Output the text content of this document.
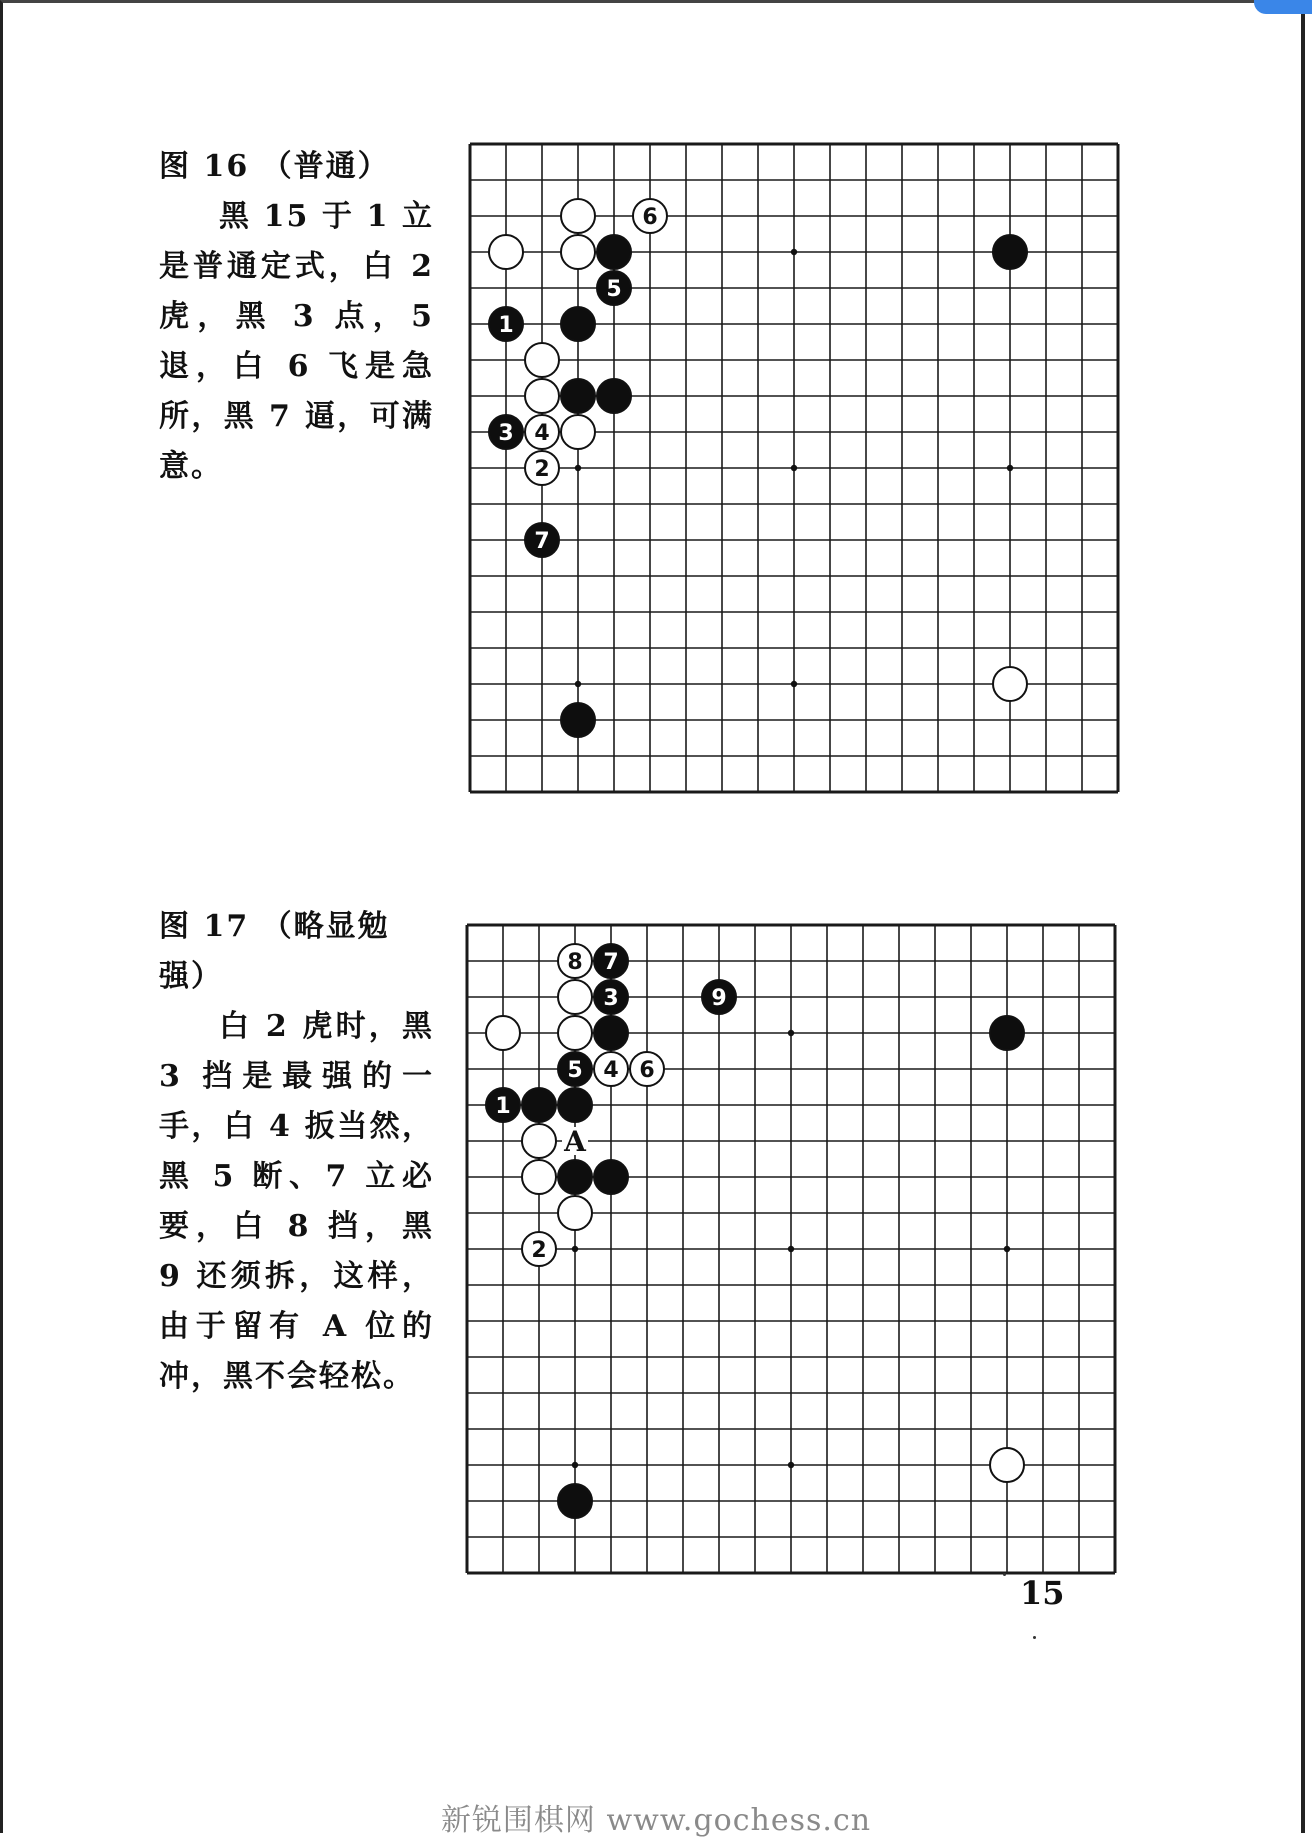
图 16 （普通）
黑 15 于 1 立是普通定式，白 2 虎，黑 3 点，5 退，白 6 飞是急所，黑 7 逼，可满意。
1
2
3 4
5
6
7
图 17 （略显勉强）
白 2 虎时，黑 3 挡是最强的一手，白 4 扳当然，黑 5 断、7 立必要，白 8 挡，黑 9 还须拆，这样，由于留有 A 位的冲，黑不会轻松。
1
2
3
4
5	6
7
8
9
A
15
新锐围棋网 www.gochess.cn
